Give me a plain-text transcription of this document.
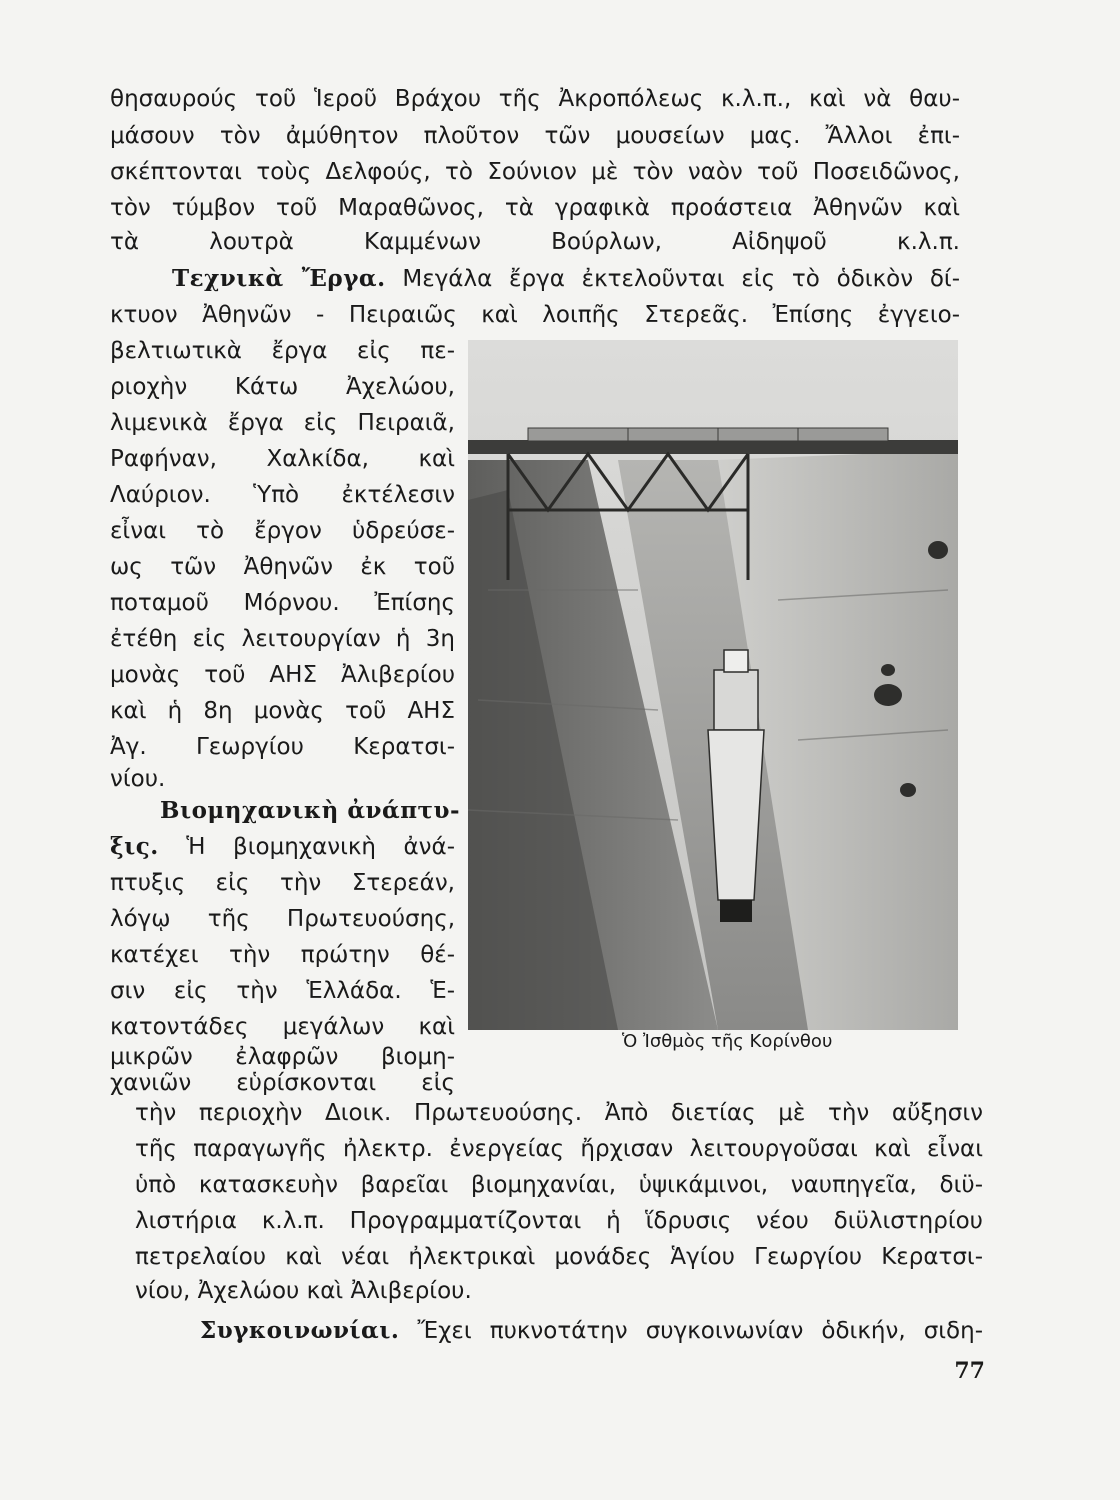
θησαυρούς τοῦ Ἱεροῦ Βράχου τῆς Ἀκροπόλεως κ.λ.π., καὶ νὰ θαυ-
μάσουν τὸν ἀμύθητον πλοῦτον τῶν μουσείων μας. Ἄλλοι ἐπι-
σκέπτονται τοὺς Δελφούς, τὸ Σούνιον μὲ τὸν ναὸν τοῦ Ποσειδῶνος,
τὸν τύμβον τοῦ Μαραθῶνος, τὰ γραφικὰ προάστεια Ἀθηνῶν καὶ
τὰ λουτρὰ Καμμένων Βούρλων, Αἰδηψοῦ κ.λ.π.
Τεχνικὰ Ἔργα. Μεγάλα ἔργα ἐκτελοῦνται εἰς τὸ ὁδικὸν δί-
κτυον Ἀθηνῶν - Πειραιῶς καὶ λοιπῆς Στερεᾶς. Ἐπίσης ἐγγειο-
βελτιωτικὰ ἔργα εἰς πε-
ριοχὴν Κάτω Ἀχελώου,
λιμενικὰ ἔργα εἰς Πειραιᾶ,
Ραφήναν, Χαλκίδα, καὶ
Λαύριον. Ὑπὸ ἐκτέλεσιν
εἶναι τὸ ἔργον ὑδρεύσε-
ως τῶν Ἀθηνῶν ἐκ τοῦ
ποταμοῦ Μόρνου. Ἐπίσης
ἐτέθη εἰς λειτουργίαν ἡ 3η
μονὰς τοῦ ΑΗΣ Ἀλιβερίου
καὶ ἡ 8η μονὰς τοῦ ΑΗΣ
Ἀγ. Γεωργίου Κερατσι-
νίου.
Βιομηχανικὴ ἀνάπτυ-
ξις. Ἡ βιομηχανικὴ ἀνά-
πτυξις εἰς τὴν Στερεάν,
λόγῳ τῆς Πρωτευούσης,
κατέχει τὴν πρώτην θέ-
σιν εἰς τὴν Ἑλλάδα. Ἑ-
κατοντάδες μεγάλων καὶ
μικρῶν ἐλαφρῶν βιομη-
χανιῶν εὑρίσκονται εἰς
τὴν περιοχὴν Διοικ. Πρωτευούσης. Ἀπὸ διετίας μὲ τὴν αὔξησιν
τῆς παραγωγῆς ἠλεκτρ. ἐνεργείας ἤρχισαν λειτουργοῦσαι καὶ εἶναι
ὑπὸ κατασκευὴν βαρεῖαι βιομηχανίαι, ὑψικάμινοι, ναυπηγεῖα, διϋ-
λιστήρια κ.λ.π. Προγραμματίζονται ἡ ἵδρυσις νέου διϋλιστηρίου
πετρελαίου καὶ νέαι ἠλεκτρικαὶ μονάδες Ἁγίου Γεωργίου Κερατσι-
νίου, Ἀχελώου καὶ Ἀλιβερίου.
Συγκοινωνίαι. Ἔχει πυκνοτάτην συγκοινωνίαν ὁδικήν, σιδη-
Ὁ Ἰσθμὸς τῆς Κορίνθου
77
